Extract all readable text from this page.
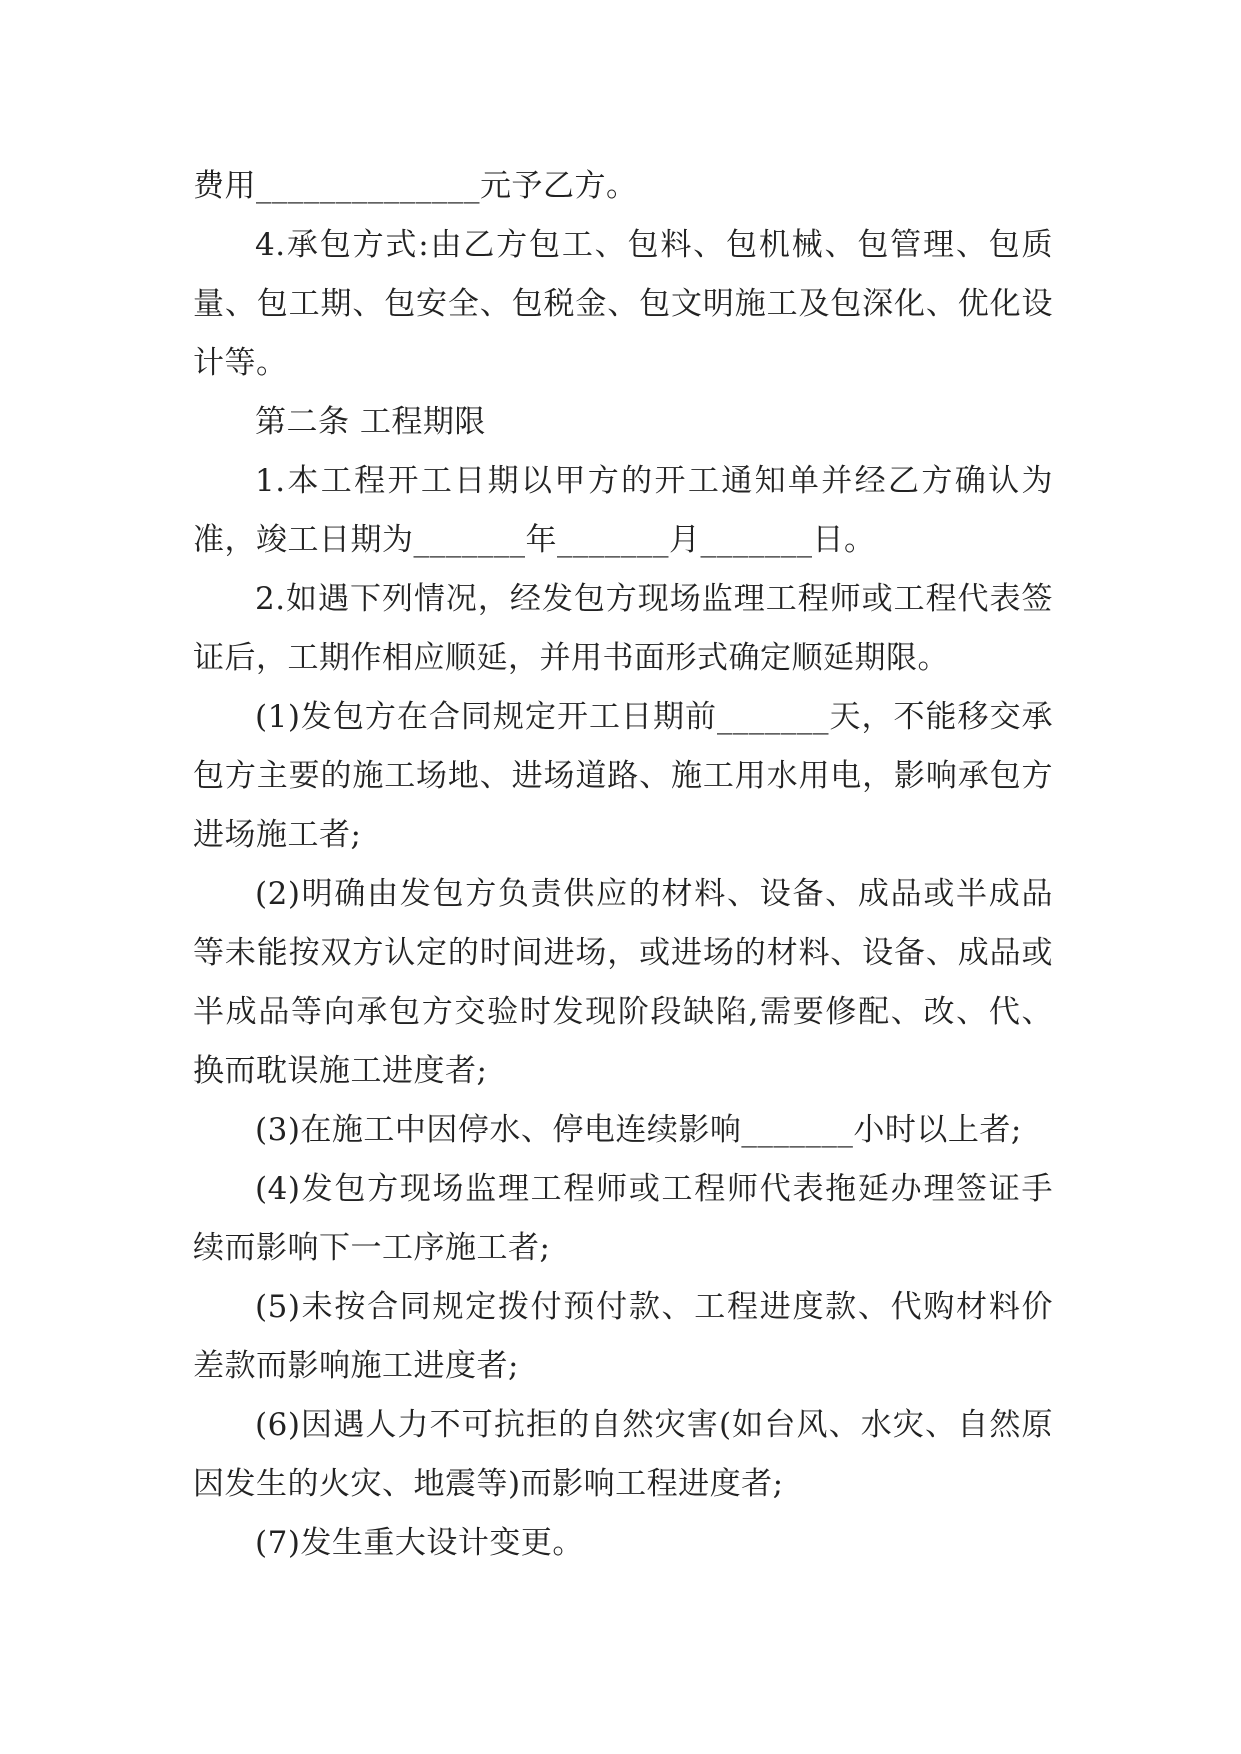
费用______________元予乙方。

4.承包方式:由乙方包工、包料、包机械、包管理、包质量、包工期、包安全、包税金、包文明施工及包深化、优化设计等。

第二条 工程期限

1.本工程开工日期以甲方的开工通知单并经乙方确认为准，竣工日期为_______年_______月_______日。

2.如遇下列情况，经发包方现场监理工程师或工程代表签证后，工期作相应顺延，并用书面形式确定顺延期限。

(1)发包方在合同规定开工日期前_______天，不能移交承包方主要的施工场地、进场道路、施工用水用电，影响承包方进场施工者;

(2)明确由发包方负责供应的材料、设备、成品或半成品等未能按双方认定的时间进场，或进场的材料、设备、成品或半成品等向承包方交验时发现阶段缺陷,需要修配、改、代、换而耽误施工进度者;

(3)在施工中因停水、停电连续影响_______小时以上者;

(4)发包方现场监理工程师或工程师代表拖延办理签证手续而影响下一工序施工者;

(5)未按合同规定拨付预付款、工程进度款、代购材料价差款而影响施工进度者;

(6)因遇人力不可抗拒的自然灾害(如台风、水灾、自然原因发生的火灾、地震等)而影响工程进度者;

(7)发生重大设计变更。
